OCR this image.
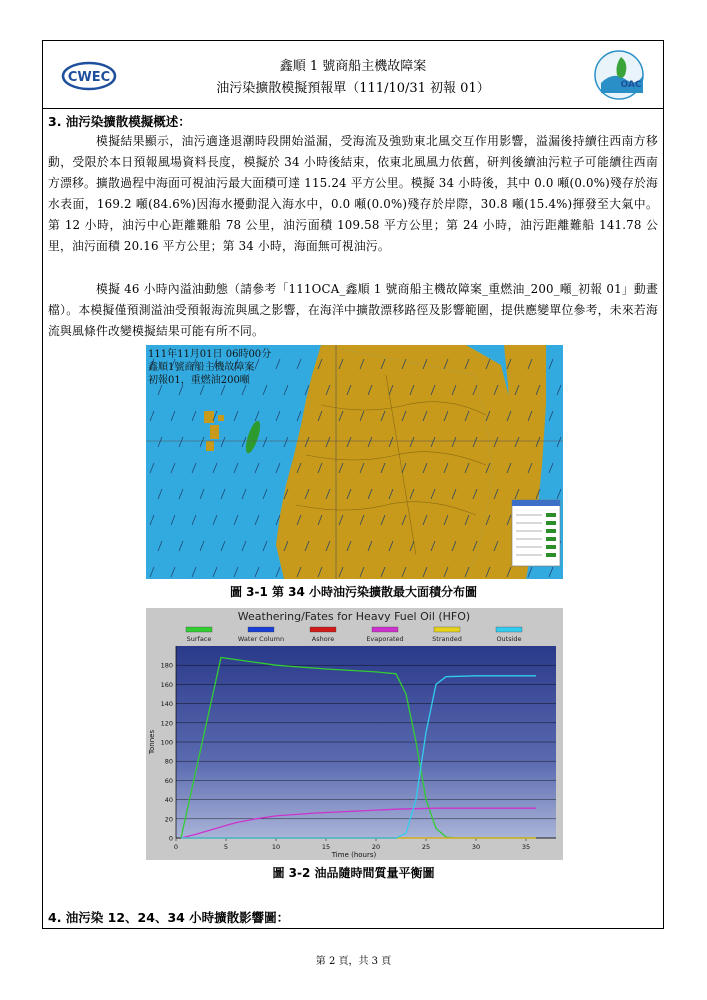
CWEC
鑫順 1 號商船主機故障案
油污染擴散模擬預報單（111/10/31 初報 01）	OAC
3. 油污染擴散模擬概述：
模擬結果顯示，油污適逢退潮時段開始溢漏，受海流及強勁東北風交互作用影響，溢漏後持續往西南方移動，受限於本日預報風場資料長度，模擬於 34 小時後結束，依東北風風力依舊，研判後續油污粒子可能續往西南方漂移。擴散過程中海面可視油污最大面積可達 115.24 平方公里。模擬 34 小時後，其中 0.0 噸(0.0%)殘存於海水表面，169.2 噸(84.6%)因海水擾動混入海水中，0.0 噸(0.0%)殘存於岸際，30.8 噸(15.4%)揮發至大氣中。第 12 小時，油污中心距離難船 78 公里，油污面積 109.58 平方公里；第 24 小時，油污距離難船 141.78 公里，油污面積 20.16 平方公里；第 34 小時，海面無可視油污。
模擬 46 小時內溢油動態（請參考「111OCA_鑫順 1 號商船主機故障案_重燃油_200_噸_初報 01」動畫檔）。本模擬僅預測溢油受預報海流與風之影響，在海洋中擴散漂移路徑及影響範圍，提供應變單位參考，未來若海流與風條件改變模擬結果可能有所不同。
111年11月01日 06時00分
鑫順1號商船主機故障案
初報01，重燃油200噸
圖 3-1 第 34 小時油污染擴散最大面積分布圖
Weathering/Fates for Heavy Fuel Oil (HFO)
Surface	Water Column	Ashore	Evaporated	Stranded	Outside
0
20
40
60
80
100
120
140
160
180
0	5	10	15	20	25	30	35
Time (hours)
Tonnes
圖 3-2 油品隨時間質量平衡圖
4. 油污染 12、24、34 小時擴散影響圖：
第 2 頁，共 3 頁
